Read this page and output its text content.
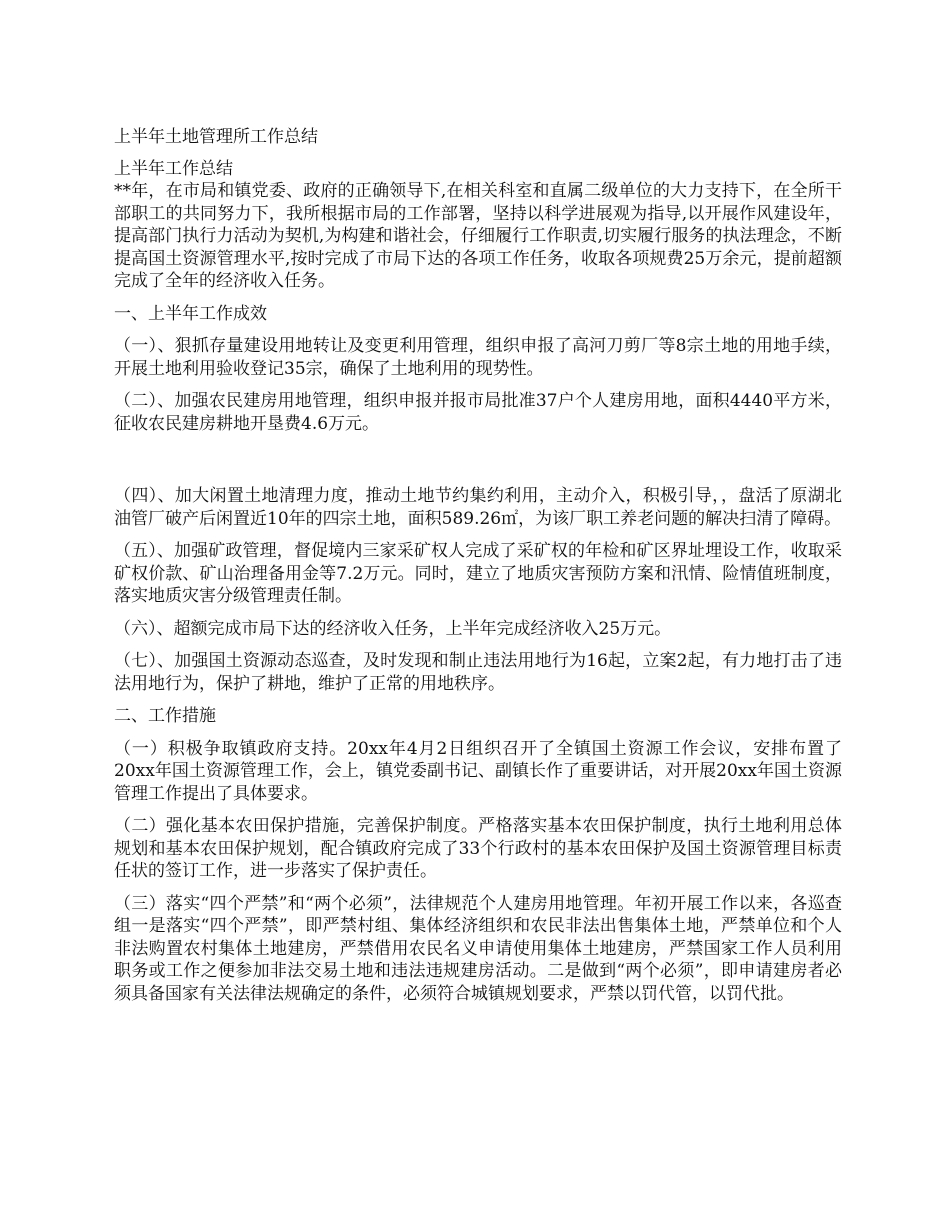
上半年土地管理所工作总结
上半年工作总结

**年，在市局和镇党委、政府的正确领导下,在相关科室和直属二级单位的大力支持下，在全所干部职工的共同努力下，我所根据市局的工作部署，坚持以科学进展观为指导,以开展作风建设年，提高部门执行力活动为契机,为构建和谐社会，仔细履行工作职责,切实履行服务的执法理念，不断提高国土资源管理水平,按时完成了市局下达的各项工作任务，收取各项规费25万余元，提前超额完成了全年的经济收入任务。

一、上半年工作成效

（一）、狠抓存量建设用地转让及变更利用管理，组织申报了高河刀剪厂等8宗土地的用地手续，开展土地利用验收登记35宗，确保了土地利用的现势性。

（二）、加强农民建房用地管理，组织申报并报市局批准37户个人建房用地，面积4440平方米，征收农民建房耕地开垦费4.6万元。

（四）、加大闲置土地清理力度，推动土地节约集约利用，主动介入，积极引导，，盘活了原湖北油管厂破产后闲置近10年的四宗土地，面积589.26㎡，为该厂职工养老问题的解决扫清了障碍。

（五）、加强矿政管理，督促境内三家采矿权人完成了采矿权的年检和矿区界址埋设工作，收取采矿权价款、矿山治理备用金等7.2万元。同时，建立了地质灾害预防方案和汛情、险情值班制度，落实地质灾害分级管理责任制。

（六）、超额完成市局下达的经济收入任务，上半年完成经济收入25万元。

（七）、加强国土资源动态巡查，及时发现和制止违法用地行为16起，立案2起，有力地打击了违法用地行为，保护了耕地，维护了正常的用地秩序。

二、工作措施

（一）积极争取镇政府支持。20xx年4月2日组织召开了全镇国土资源工作会议，安排布置了20xx年国土资源管理工作，会上，镇党委副书记、副镇长作了重要讲话，对开展20xx年国土资源管理工作提出了具体要求。

（二）强化基本农田保护措施，完善保护制度。严格落实基本农田保护制度，执行土地利用总体规划和基本农田保护规划，配合镇政府完成了33个行政村的基本农田保护及国土资源管理目标责任状的签订工作，进一步落实了保护责任。

（三）落实“四个严禁”和“两个必须”，法律规范个人建房用地管理。年初开展工作以来，各巡查组一是落实“四个严禁”，即严禁村组、集体经济组织和农民非法出售集体土地，严禁单位和个人非法购置农村集体土地建房，严禁借用农民名义申请使用集体土地建房，严禁国家工作人员利用职务或工作之便参加非法交易土地和违法违规建房活动。二是做到“两个必须”，即申请建房者必须具备国家有关法律法规确定的条件，必须符合城镇规划要求，严禁以罚代管，以罚代批。
